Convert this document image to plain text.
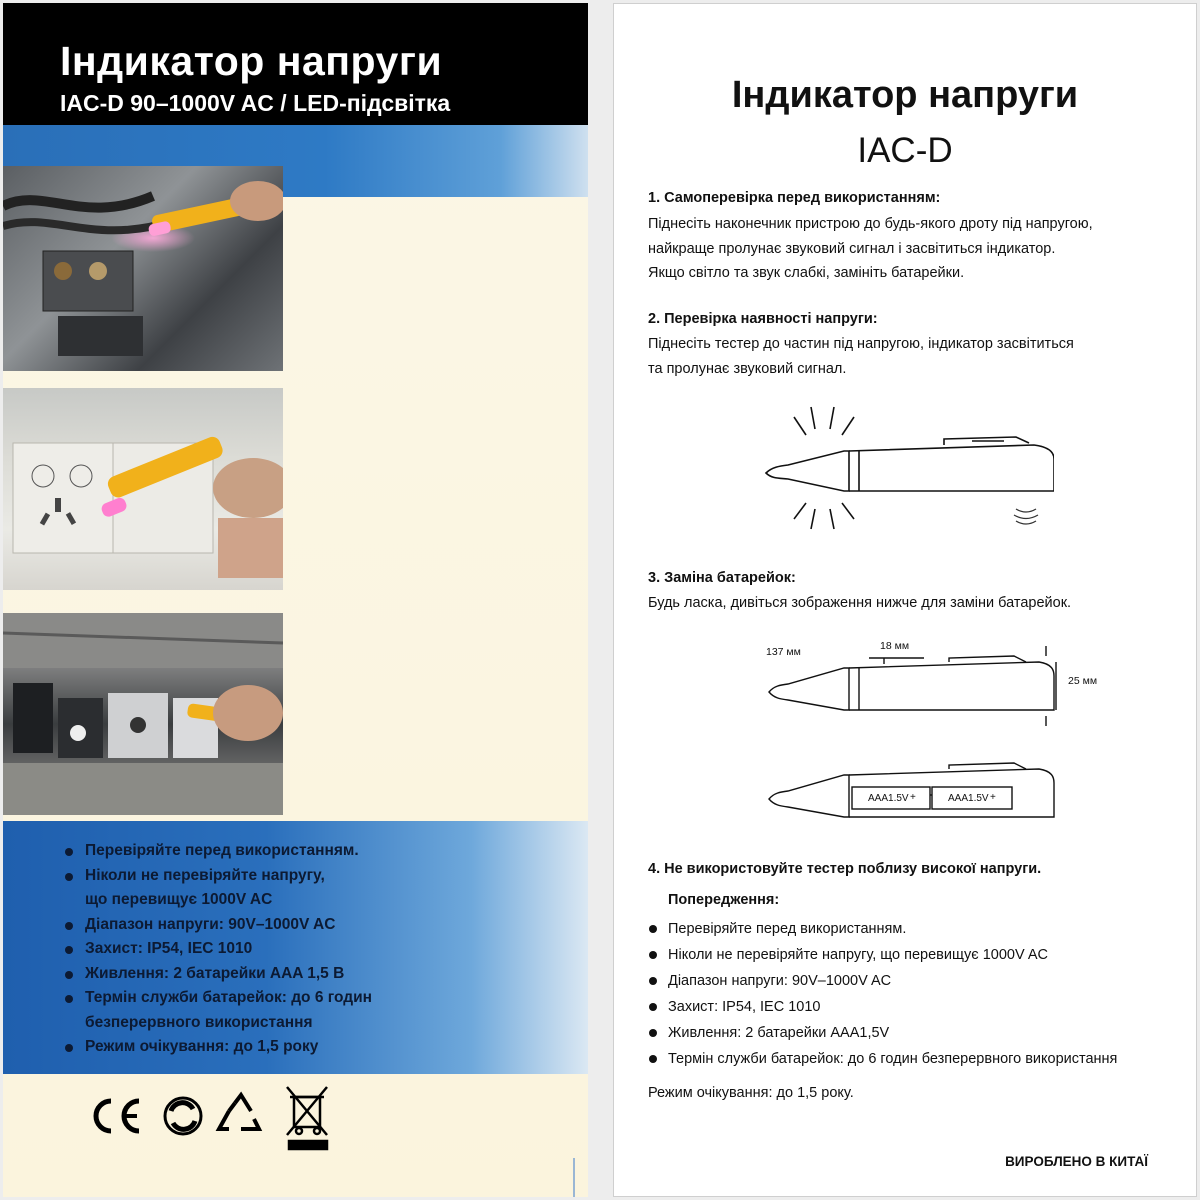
Індикатор напруги
IAC-D 90–1000V AC / LED-підсвітка
Перевіряйте перед використанням.
Ніколи не перевіряйте напругу,
що перевищує 1000V AC
Діапазон напруги: 90V–1000V AC
Захист: IP54, IEC 1010
Живлення: 2 батарейки AAA 1,5 В
Термін служби батарейок: до 6 годин
безперервного використання
Режим очікування: до 1,5 року
Індикатор напруги
IAC-D
1. Самоперевірка перед використанням:
Піднесіть наконечник пристрою до будь-якого дроту під напругою,
найкраще пролунає звуковий сигнал і засвітиться індикатор.
Якщо світло та звук слабкі, замініть батарейки.
2. Перевірка наявності напруги:
Піднесіть тестер до частин під напругою, індикатор засвітиться
та пролунає звуковий сигнал.
3. Заміна батарейок:
Будь ласка, дивіться зображення нижче для заміни батарейок.
137 мм	18 мм
25 мм
AAA1.5V +	AAA1.5V +
4. Не використовуйте тестер поблизу високої напруги.
Попередження:
Перевіряйте перед використанням.
Ніколи не перевіряйте напругу, що перевищує 1000V AC
Діапазон напруги: 90V–1000V AC
Захист: IP54, IEC 1010
Живлення: 2 батарейки AAA1,5V
Термін служби батарейок: до 6 годин безперервного використання
Режим очікування: до 1,5 року.
ВИРОБЛЕНО В КИТАЇ
